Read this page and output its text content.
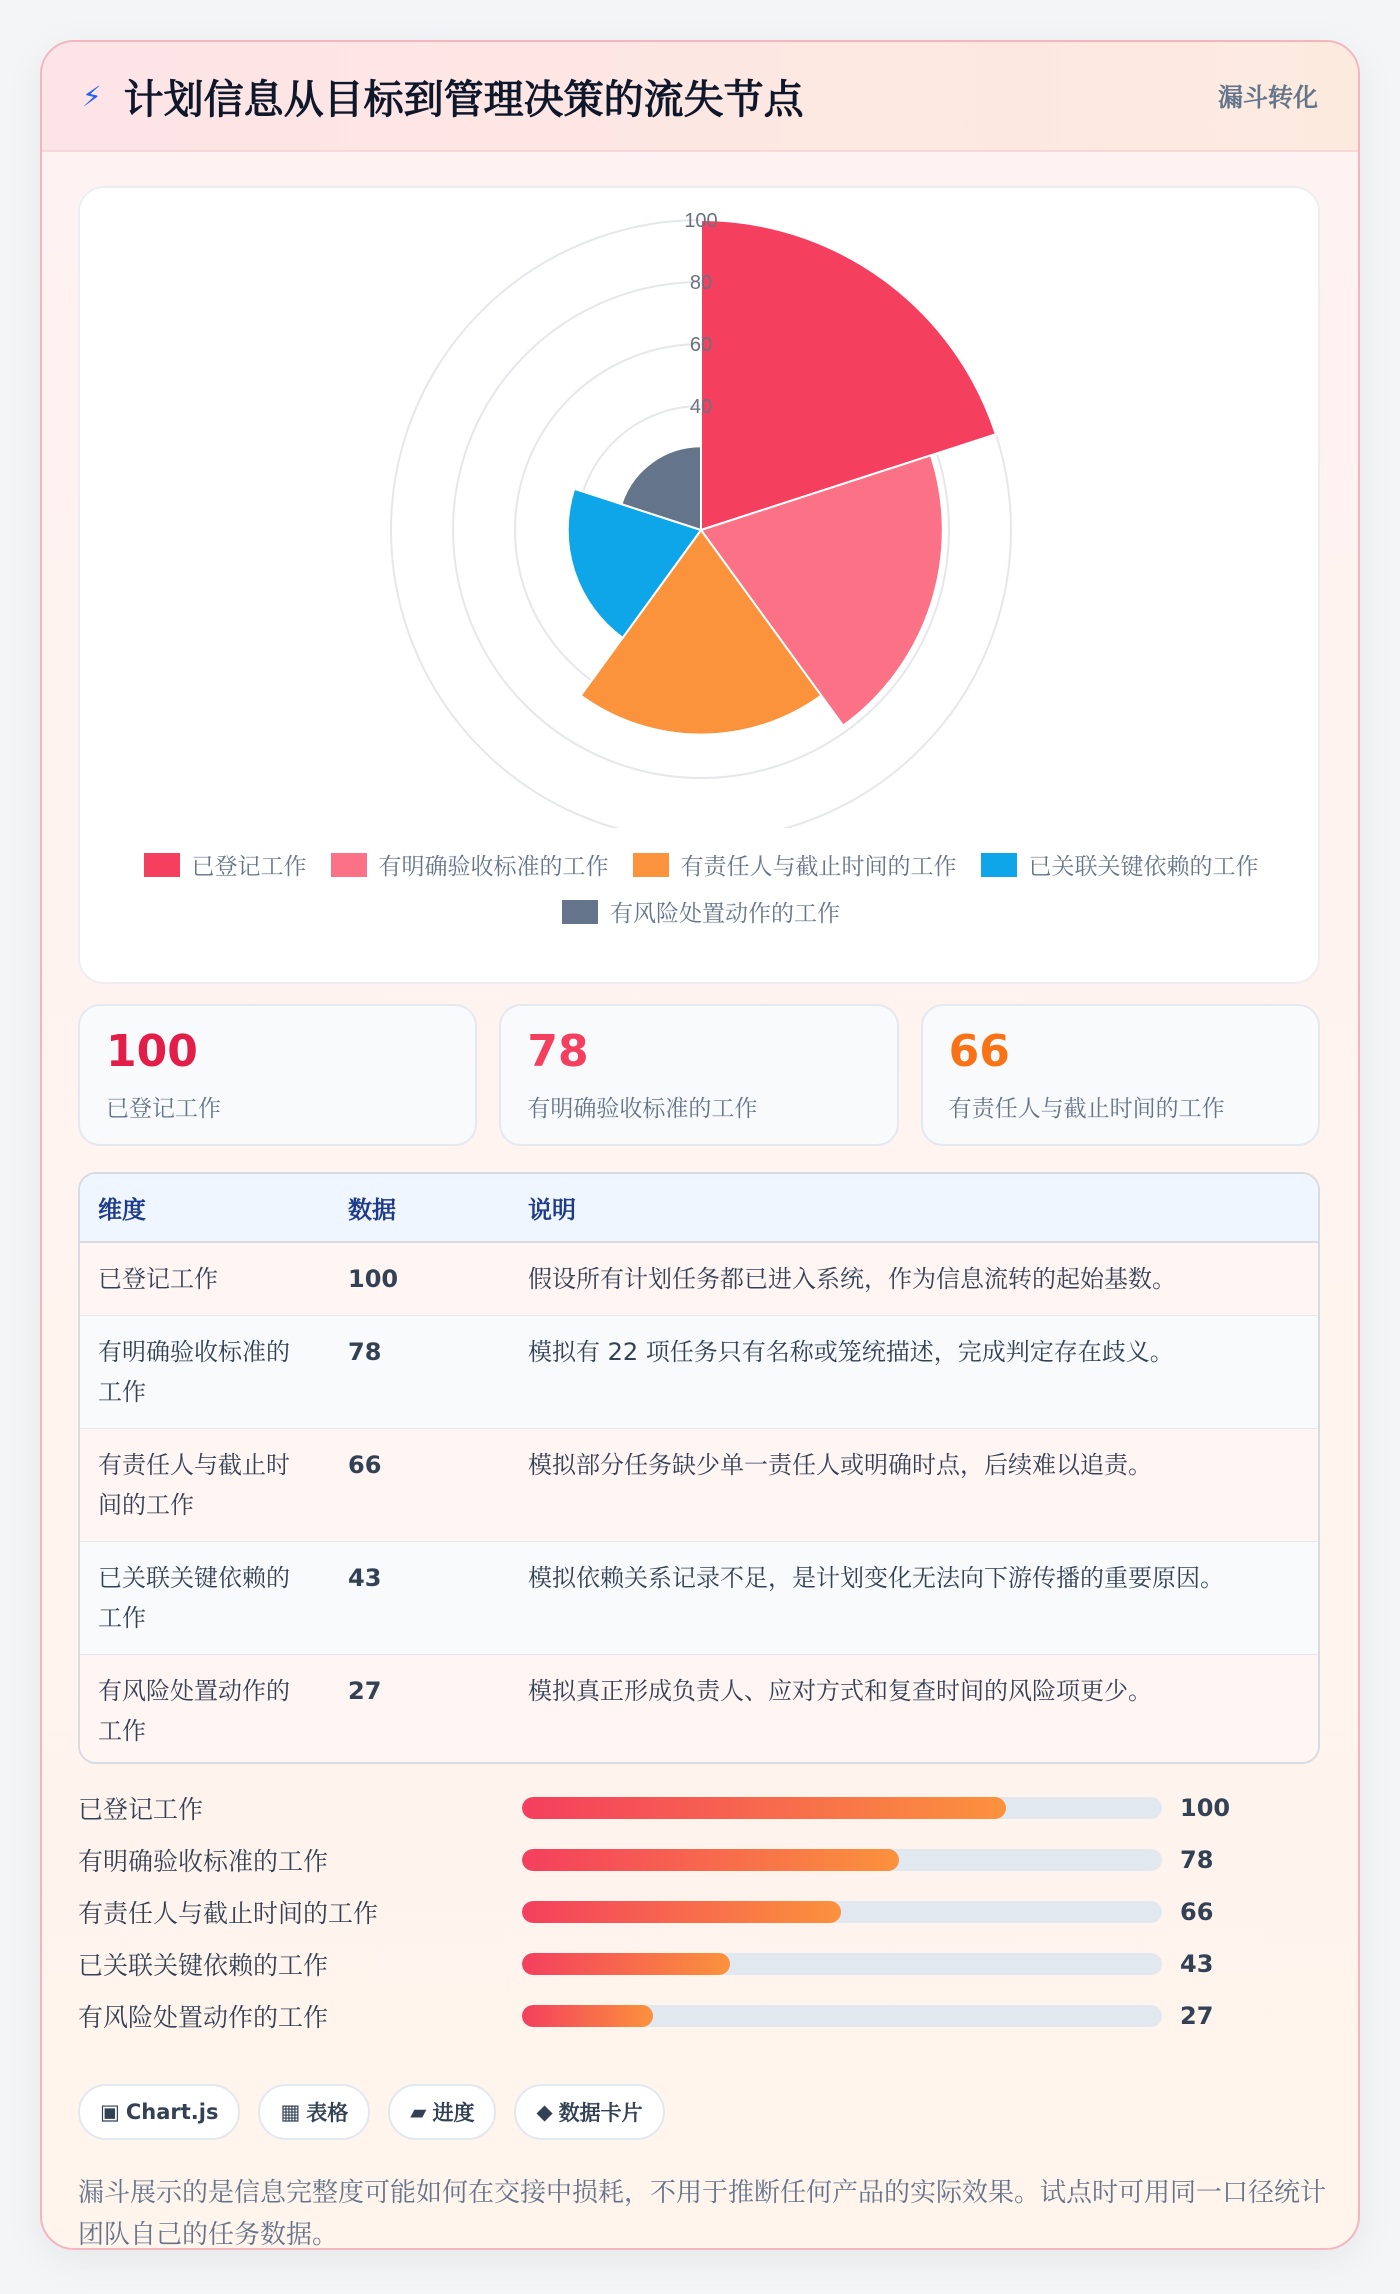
⚡ 计划信息从目标到管理决策的流失节点	漏斗转化
100
80
60
40
已登记工作	有明确验收标准的工作	有责任人与截止时间的工作	已关联关键依赖的工作
有风险处置动作的工作
100
已登记工作
78
有明确验收标准的工作
66
有责任人与截止时间的工作
维度	数据	说明
已登记工作	100	假设所有计划任务都已进入系统，作为信息流转的起始基数。
有明确验收标准的工作	78	模拟有 22 项任务只有名称或笼统描述，完成判定存在歧义。
有责任人与截止时间的工作	66	模拟部分任务缺少单一责任人或明确时点，后续难以追责。
已关联关键依赖的工作	43	模拟依赖关系记录不足，是计划变化无法向下游传播的重要原因。
有风险处置动作的工作	27	模拟真正形成负责人、应对方式和复查时间的风险项更少。
已登记工作	100
有明确验收标准的工作	78
有责任人与截止时间的工作	66
已关联关键依赖的工作	43
有风险处置动作的工作	27
▣ Chart.js	▦ 表格	▰ 进度	◆ 数据卡片
漏斗展示的是信息完整度可能如何在交接中损耗，不用于推断任何产品的实际效果。试点时可用同一口径统计团队自己的任务数据。
